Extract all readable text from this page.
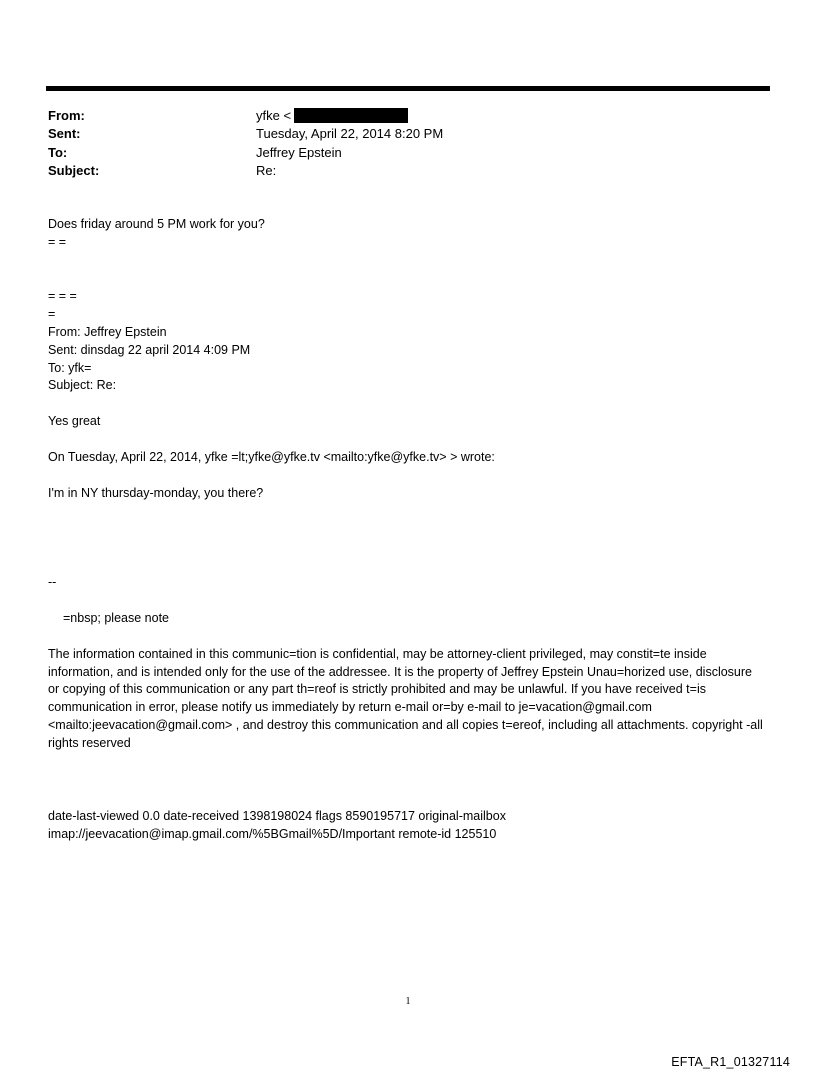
From:	yfke <
Sent:	Tuesday, April 22, 2014 8:20 PM
To:	Jeffrey Epstein
Subject:	Re:
Does friday around 5 PM work for you?
= =
= = =
=
From: Jeffrey Epstein
Sent: dinsdag 22 april 2014 4:09 PM
To: yfk=
Subject: Re:
Yes great
On Tuesday, April 22, 2014, yfke =lt;yfke@yfke.tv <mailto:yfke@yfke.tv> > wrote:
I'm in NY thursday-monday, you there?
--
=nbsp; please note
The information contained in this communic=tion is confidential, may be attorney-client privileged, may constit=te inside information, and is intended only for the use of the addressee. It is the property of Jeffrey Epstein Unau=horized use, disclosure or copying of this communication or any part th=reof is strictly prohibited and may be unlawful. If you have received t=is communication in error, please notify us immediately by return e-mail or=by e-mail to je=vacation@gmail.com <mailto:jeevacation@gmail.com> , and destroy this communication and all copies t=ereof, including all attachments. copyright -all rights reserved
date-last-viewed 0.0 date-received 1398198024 flags 8590195717 original-mailbox
imap://jeevacation@imap.gmail.com/%5BGmail%5D/Important remote-id 125510
1
EFTA_R1_01327114
